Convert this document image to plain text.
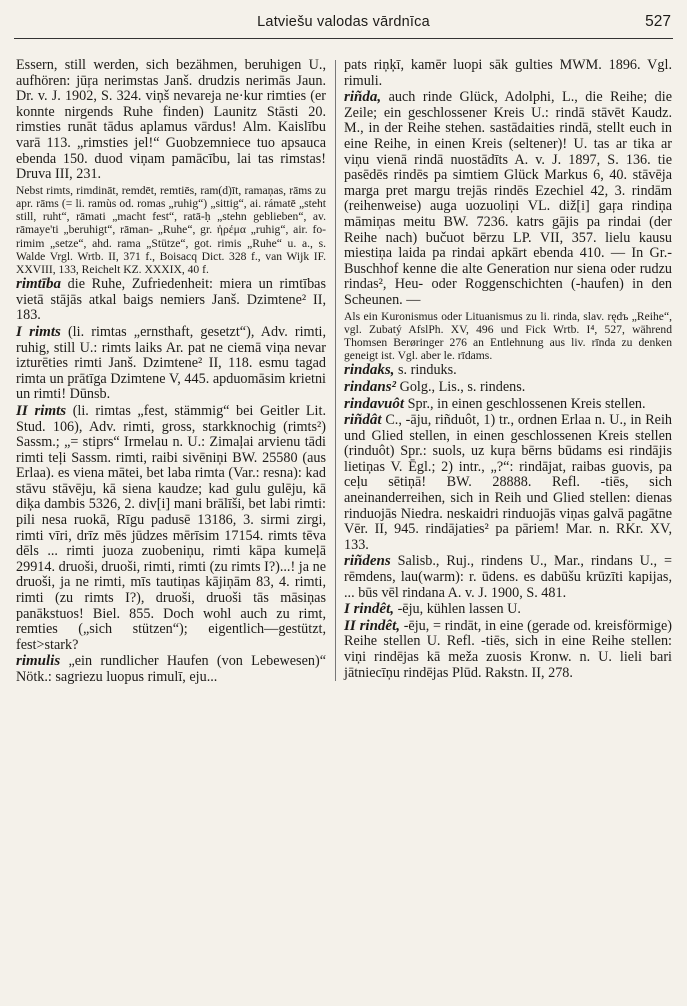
Latviešu valodas vārdnīca	527

Essern, still werden, sich bezähmen, beruhigen U., aufhören: jūŗa nerimstas Janš. drudzis nerimās Jaun. Dr. v. J. 1902, S. 324. viņš nevareja ne·kur rimties (er konnte nirgends Ruhe finden) Launitz Stāsti 20. rimsties runāt tādus aplamus vārdus! Alm. Kaislību varā 113. „rimsties jel!“ Guobzemniece tuo apsauca ebenda 150. duod viņam pamācību, lai tas rimstas! Druva III, 231.

Nebst rimts, rimdināt, remdēt, remtiēs, ram(d)īt, ramaņas, rāms zu apr. rāms (= li. ramùs od. romas „ruhig“) „sittig“, ai. rámatē „steht still, ruht“, rāmati „macht fest“, ratā-ḥ „stehn geblieben“, av. rāmaye'ti „beruhigt“, rāman- „Ruhe“, gr. ἠρέμα „ruhig“, air. fo-rimim „setze“, ahd. rama „Stütze“, got. rimis „Ruhe“ u. a., s. Walde Vrgl. Wrtb. II, 371 f., Boisacq Dict. 328 f., van Wijk IF. XXVIII, 133, Reichelt KZ. XXXIX, 40 f.

rimtība die Ruhe, Zufriedenheit: miera un rimtības vietā stājās atkal baigs nemiers Janš. Dzimtene² II, 183.

I rimts (li. rimtas „ernsthaft, gesetzt“), Adv. rimti, ruhig, still U.: rimts laiks Ar. pat ne ciemā viņa nevar izturēties rimti Janš. Dzimtene² II, 118. esmu tagad rimta un prātīga Dzimtene V, 445. apduomāsim krietni un rimti! Dūnsb.

II rimts (li. rimtas „fest, stämmig“ bei Geitler Lit. Stud. 106), Adv. rimti, gross, starkknochig (rimts²) Sassm.; „= stiprs“ Irmelau n. U.: Zimaļai arvienu tādi rimti teļi Sassm. rimti, raibi sivēniņi BW. 25580 (aus Erlaa). es viena mātei, bet laba rimta (Var.: resna): kad stāvu stāvēju, kā siena kaudze; kad gulu gulēju, kā diķa dambis 5326, 2. div[i] mani brālīši, bet labi rimti: pili nesa ruokā, Rīgu padusē 13186, 3. sirmi zirgi, rimti vīri, drīz mēs jūdzes mērīsim 17154. rimts tēva dēls ... rimti juoza zuobeniņu, rimti kāpa kumeļā 29914. druoši, druoši, rimti, rimti (zu rimts I?)...! ja ne druoši, ja ne rimti, mīs tautiņas kājiņām 83, 4. rimti, rimti (zu rimts I?), druoši, druoši tās māsiņas panākstuos! Biel. 855. Doch wohl auch zu rimt, remties („sich stützen“); eigentlich—gestützt, fest>stark?

rimulis „ein rundlicher Haufen (von Lebewesen)“ Nötk.: sagriezu luopus rimulī, eju...

pats riņķī, kamēr luopi sāk gulties MWM. 1896. Vgl. rimuli.

riñda, auch rinde Glück, Adolphi, L., die Reihe; die Zeile; ein geschlossener Kreis U.: rindā stāvēt Kaudz. M., in der Reihe stehen. sastādaities rindā, stellt euch in eine Reihe, in einen Kreis (seltener)! U. tas ar tika ar viņu vienā rindā nuostādīts A. v. J. 1897, S. 136. tie pasēdēs rindēs pa simtiem Glück Markus 6, 40. stāvēja marga pret margu trejās rindēs Ezechiel 42, 3. rindām (reihenweise) auga uozuoliņi VL. diž[i] gaŗa rindiņa māmiņas meitu BW. 7236. katrs gājis pa rindai (der Reihe nach) bučuot bērzu LP. VII, 357. lielu kausu miestiņa laida pa rindai apkārt ebenda 410. — In Gr.-Buschhof kenne die alte Generation nur siena oder rudzu rindas², Heu- oder Roggenschichten (-haufen) in den Scheunen. —

Als ein Kuronismus oder Lituanismus zu li. rinda, slav. rędъ „Reihe“, vgl. Zubatý AfslPh. XV, 496 und Fick Wrtb. I⁴, 527, während Thomsen Berøringer 276 an Entlehnung aus liv. rīnda zu denken geneigt ist. Vgl. aber le. rīdams.

rindaks, s. rinduks.

rindans² Golg., Lis., s. rindens.

rindavuôt Spr., in einen geschlossenen Kreis stellen.

riñdât C., -āju, riñduôt, 1) tr., ordnen Erlaa n. U., in Reih und Glied stellen, in einen geschlossenen Kreis stellen (rinduôt) Spr.: suols, uz kuŗa bērns būdams esi rindājis lietiņas V. Ēgl.; 2) intr., „?“: rindājat, raibas guovis, pa ceļu sētiņā! BW. 28888. Refl. -tiēs, sich aneinanderreihen, sich in Reih und Glied stellen: dienas rinduojās Niedra. neskaidri rinduojās viņas galvā pagātne Vēr. II, 945. rindājaties² pa pāriem! Mar. n. RKr. XV, 133.

riñdens Salisb., Ruj., rindens U., Mar., rindans U., = rēmdens, lau(warm): r. ūdens. es dabūšu krūzīti kapijas, ... būs vēl rindana A. v. J. 1900, S. 481.

I rindêt, -ēju, kühlen lassen U.

II rindêt, -ēju, = rindāt, in eine (gerade od. kreisförmige) Reihe stellen U. Refl. -tiēs, sich in eine Reihe stellen: viņi rindējas kā meža zuosis Kronw. n. U. lieli bari jātniecīņu rindējas Plūd. Rakstn. II, 278.
